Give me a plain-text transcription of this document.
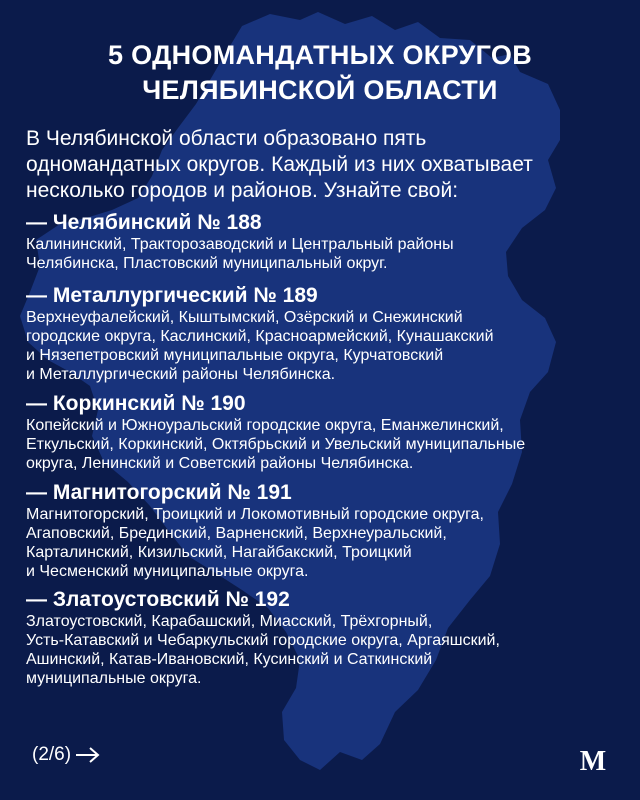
5 ОДНОМАНДАТНЫХ ОКРУГОВ
ЧЕЛЯБИНСКОЙ ОБЛАСТИ
В Челябинской области образовано пять
одномандатных округов. Каждый из них охватывает
несколько городов и районов. Узнайте свой:
— Челябинский № 188
Калининский, Тракторозаводский и Центральный районы
Челябинска, Пластовский муниципальный округ.
— Металлургический № 189
Верхнеуфалейский, Кыштымский, Озёрский и Снежинский
городские округа, Каслинский, Красноармейский, Кунашакский
и Нязепетровский муниципальные округа, Курчатовский
и Металлургический районы Челябинска.
— Коркинский № 190
Копейский и Южноуральский городские округа, Еманжелинский,
Еткульский, Коркинский, Октябрьский и Увельский муниципальные
округа, Ленинский и Советский районы Челябинска.
— Магнитогорский № 191
Магнитогорский, Троицкий и Локомотивный городские округа,
Агаповский, Брединский, Варненский, Верхнеуральский,
Карталинский, Кизильский, Нагайбакский, Троицкий
и Чесменский муниципальные округа.
— Златоустовский № 192
Златоустовский, Карабашский, Миасский, Трёхгорный,
Усть-Катавский и Чебаркульский городские округа, Аргаяшский,
Ашинский, Катав-Ивановский, Кусинский и Саткинский
муниципальные округа.
(2/6)	M
